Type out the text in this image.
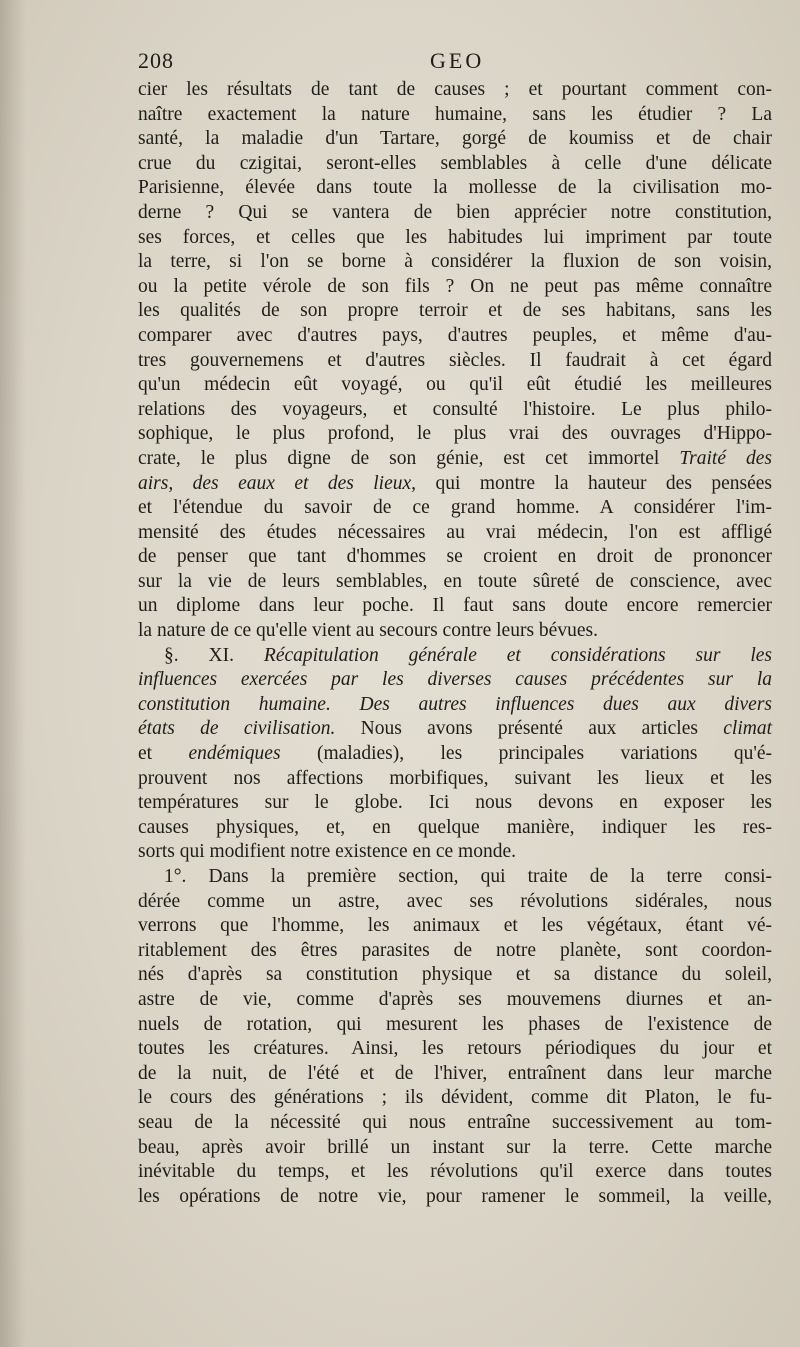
208	GEO
cier les résultats de tant de causes ; et pourtant comment con-
naître exactement la nature humaine, sans les étudier ? La
santé, la maladie d'un Tartare, gorgé de koumiss et de chair
crue du czigitai, seront-elles semblables à celle d'une délicate
Parisienne, élevée dans toute la mollesse de la civilisation mo-
derne ? Qui se vantera de bien apprécier notre constitution,
ses forces, et celles que les habitudes lui impriment par toute
la terre, si l'on se borne à considérer la fluxion de son voisin,
ou la petite vérole de son fils ? On ne peut pas même connaître
les qualités de son propre terroir et de ses habitans, sans les
comparer avec d'autres pays, d'autres peuples, et même d'au-
tres gouvernemens et d'autres siècles. Il faudrait à cet égard
qu'un médecin eût voyagé, ou qu'il eût étudié les meilleures
relations des voyageurs, et consulté l'histoire. Le plus philo-
sophique, le plus profond, le plus vrai des ouvrages d'Hippo-
crate, le plus digne de son génie, est cet immortel Traité des
airs, des eaux et des lieux, qui montre la hauteur des pensées
et l'étendue du savoir de ce grand homme. A considérer l'im-
mensité des études nécessaires au vrai médecin, l'on est affligé
de penser que tant d'hommes se croient en droit de prononcer
sur la vie de leurs semblables, en toute sûreté de conscience, avec
un diplome dans leur poche. Il faut sans doute encore remercier
la nature de ce qu'elle vient au secours contre leurs bévues.
§. XI. Récapitulation générale et considérations sur les
influences exercées par les diverses causes précédentes sur la
constitution humaine. Des autres influences dues aux divers
états de civilisation. Nous avons présenté aux articles climat
et endémiques (maladies), les principales variations qu'é-
prouvent nos affections morbifiques, suivant les lieux et les
températures sur le globe. Ici nous devons en exposer les
causes physiques, et, en quelque manière, indiquer les res-
sorts qui modifient notre existence en ce monde.
1°. Dans la première section, qui traite de la terre consi-
dérée comme un astre, avec ses révolutions sidérales, nous
verrons que l'homme, les animaux et les végétaux, étant vé-
ritablement des êtres parasites de notre planète, sont coordon-
nés d'après sa constitution physique et sa distance du soleil,
astre de vie, comme d'après ses mouvemens diurnes et an-
nuels de rotation, qui mesurent les phases de l'existence de
toutes les créatures. Ainsi, les retours périodiques du jour et
de la nuit, de l'été et de l'hiver, entraînent dans leur marche
le cours des générations ; ils dévident, comme dit Platon, le fu-
seau de la nécessité qui nous entraîne successivement au tom-
beau, après avoir brillé un instant sur la terre. Cette marche
inévitable du temps, et les révolutions qu'il exerce dans toutes
les opérations de notre vie, pour ramener le sommeil, la veille,
